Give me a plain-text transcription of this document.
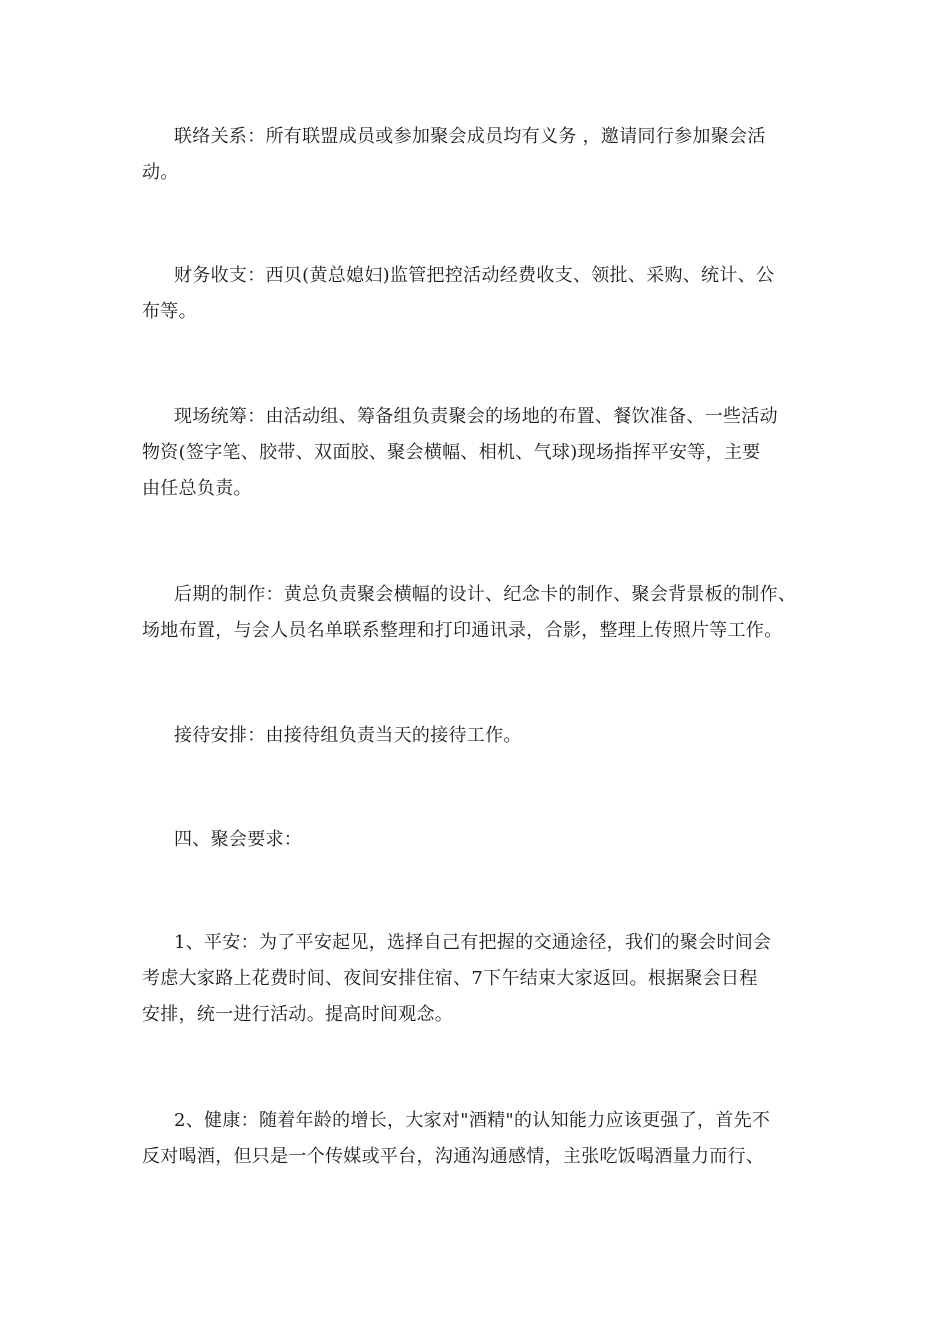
联络关系：所有联盟成员或参加聚会成员均有义务 ，邀请同行参加聚会活
动。

财务收支：西贝(黄总媳妇)监管把控活动经费收支、领批、采购、统计、公
布等。

现场统筹：由活动组、筹备组负责聚会的场地的布置、餐饮准备、一些活动
物资(签字笔、胶带、双面胶、聚会横幅、相机、气球)现场指挥平安等，主要
由任总负责。

后期的制作：黄总负责聚会横幅的设计、纪念卡的制作、聚会背景板的制作、
场地布置，与会人员名单联系整理和打印通讯录，合影，整理上传照片等工作。

接待安排：由接待组负责当天的接待工作。

四、聚会要求：

1、平安：为了平安起见，选择自己有把握的交通途径，我们的聚会时间会
考虑大家路上花费时间、夜间安排住宿、7下午结束大家返回。根据聚会日程
安排，统一进行活动。提高时间观念。

2、健康：随着年龄的增长，大家对"酒精"的认知能力应该更强了，首先不
反对喝酒，但只是一个传媒或平台，沟通沟通感情，主张吃饭喝酒量力而行、
